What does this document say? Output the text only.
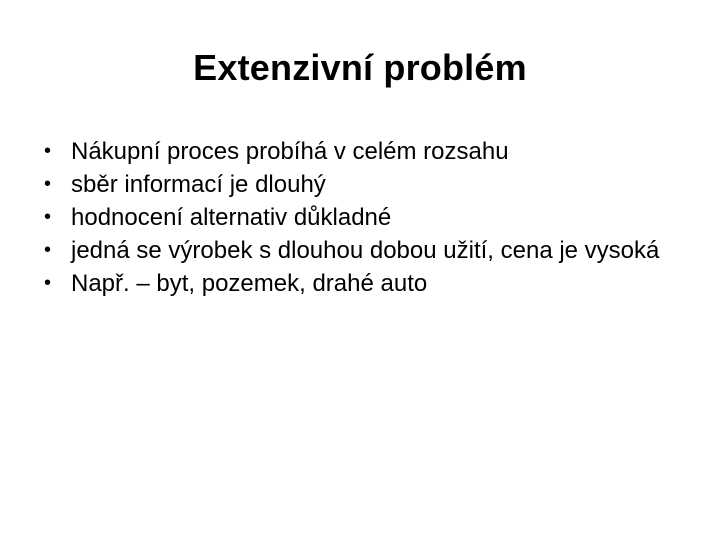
Extenzivní problém
• Nákupní proces probíhá v celém rozsahu
• sběr informací je dlouhý
• hodnocení alternativ důkladné
• jedná se výrobek s dlouhou dobou užití, cena je vysoká
• Např. – byt, pozemek, drahé auto
